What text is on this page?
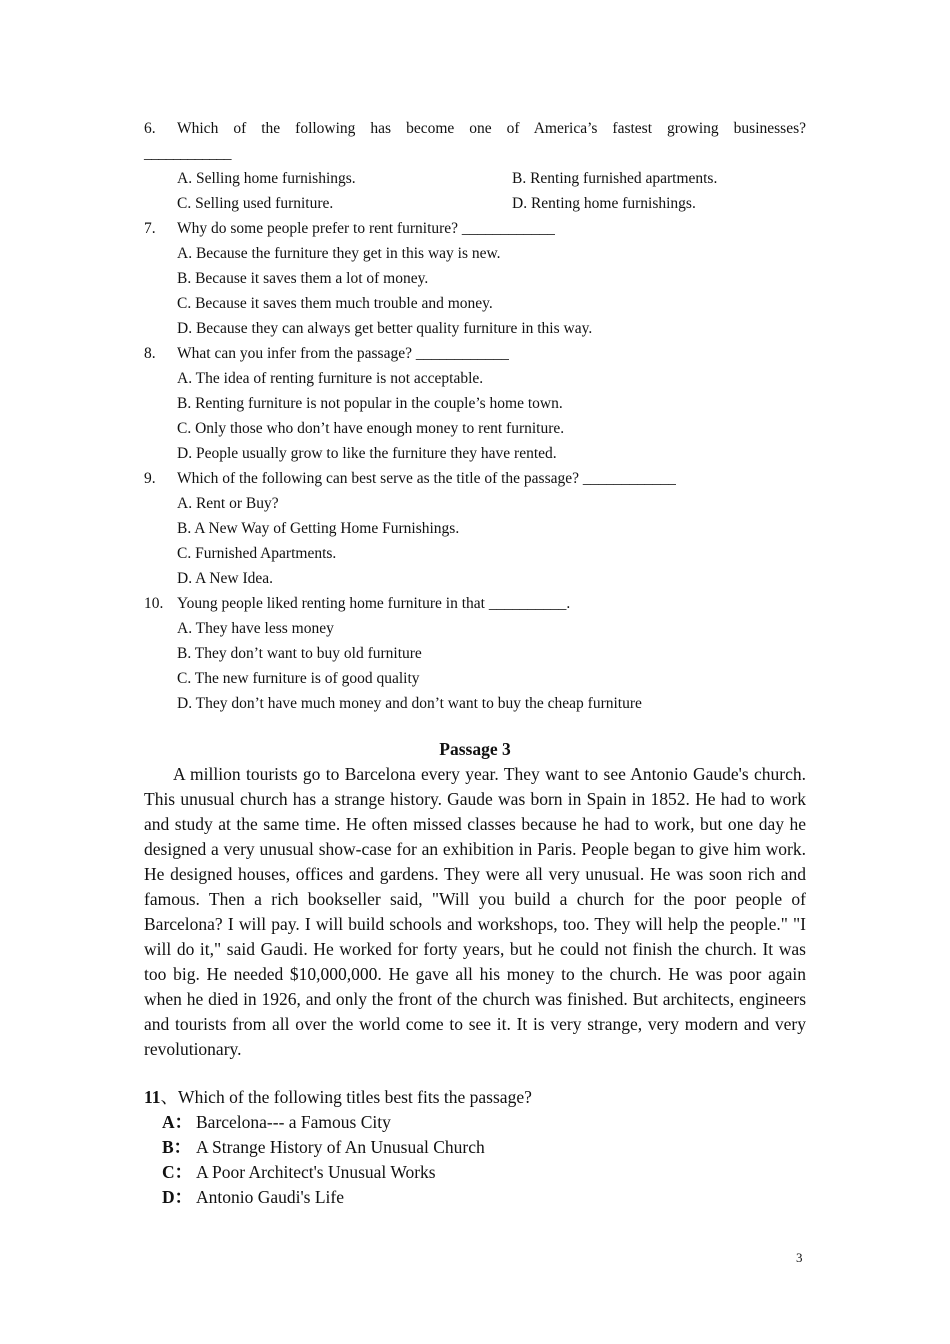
6.	Which of the following has become one of America’s fastest growing businesses?
____________
A. Selling home furnishings.	B. Renting furnished apartments.
C. Selling used furniture.	D. Renting home furnishings.
7.	Why do some people prefer to rent furniture? ____________
A. Because the furniture they get in this way is new.
B. Because it saves them a lot of money.
C. Because it saves them much trouble and money.
D. Because they can always get better quality furniture in this way.
8.	What can you infer from the passage? ____________
A. The idea of renting furniture is not acceptable.
B. Renting furniture is not popular in the couple’s home town.
C. Only those who don’t have enough money to rent furniture.
D. People usually grow to like the furniture they have rented.
9.	Which of the following can best serve as the title of the passage? ____________
A. Rent or Buy?
B. A New Way of Getting Home Furnishings.
C. Furnished Apartments.
D. A New Idea.
10. Young people liked renting home furniture in that __________.
A. They have less money
B. They don’t want to buy old furniture
C. The new furniture is of good quality
D. They don’t have much money and don’t want to buy the cheap furniture
Passage 3

A million tourists go to Barcelona every year. They want to see Antonio Gaude's church. This unusual church has a strange history. Gaude was born in Spain in 1852. He had to work and study at the same time. He often missed classes because he had to work, but one day he designed a very unusual show-case for an exhibition in Paris. People began to give him work. He designed houses, offices and gardens. They were all very unusual. He was soon rich and famous. Then a rich bookseller said, "Will you build a church for the poor people of Barcelona? I will pay. I will build schools and workshops, too. They will help the people." "I will do it," said Gaudi. He worked for forty years, but he could not finish the church. It was too big. He needed $10,000,000. He gave all his money to the church. He was poor again when he died in 1926, and only the front of the church was finished. But architects, engineers and tourists from all over the world come to see it. It is very strange, very modern and very revolutionary.

11、Which of the following titles best fits the passage?
A： Barcelona--- a Famous City
B： A Strange History of An Unusual Church
C： A Poor Architect's Unusual Works
D： Antonio Gaudi's Life
3
